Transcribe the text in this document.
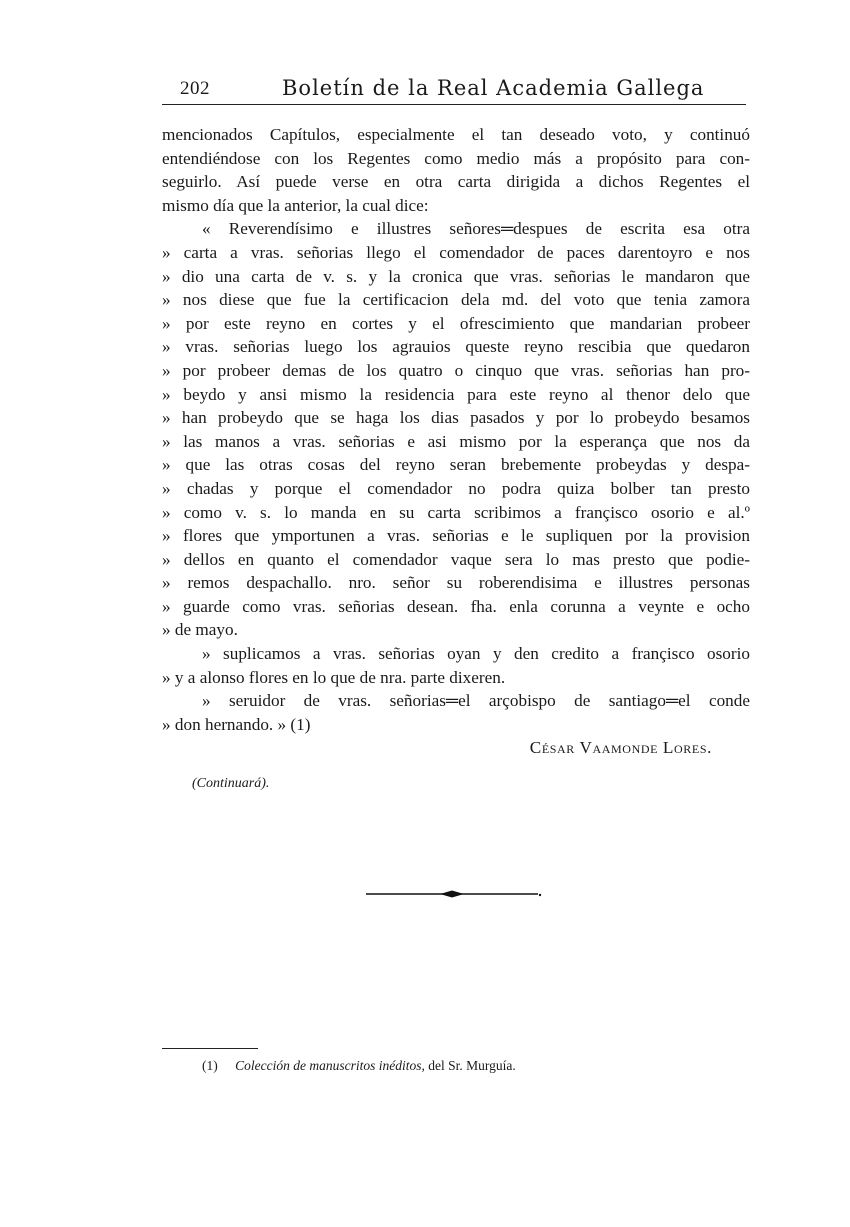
202	Boletín de la Real Academia Gallega
mencionados Capítulos, especialmente el tan deseado voto, y continuó
entendiéndose con los Regentes como medio más a propósito para con-
seguirlo. Así puede verse en otra carta dirigida a dichos Regentes el
mismo día que la anterior, la cual dice:
« Reverendísimo e illustres señores═despues de escrita esa otra
» carta a vras. señorias llego el comendador de paces darentoyro e nos
» dio una carta de v. s. y la cronica que vras. señorias le mandaron que
» nos diese que fue la certificacion dela md. del voto que tenia zamora
» por este reyno en cortes y el ofrescimiento que mandarian probeer
» vras. señorias luego los agrauios queste reyno rescibia que quedaron
» por probeer demas de los quatro o cinquo que vras. señorias han pro-
» beydo y ansi mismo la residencia para este reyno al thenor delo que
» han probeydo que se haga los dias pasados y por lo probeydo besamos
» las manos a vras. señorias e asi mismo por la esperança que nos da
» que las otras cosas del reyno seran brebemente probeydas y despa-
» chadas y porque el comendador no podra quiza bolber tan presto
» como v. s. lo manda en su carta scribimos a françisco osorio e al.º
» flores que ymportunen a vras. señorias e le supliquen por la provision
» dellos en quanto el comendador vaque sera lo mas presto que podie-
» remos despachallo. nro. señor su roberendisima e illustres personas
» guarde como vras. señorias desean. fha. enla corunna a veynte e ocho
» de mayo.
» suplicamos a vras. señorias oyan y den credito a françisco osorio
» y a alonso flores en lo que de nra. parte dixeren.
» seruidor de vras. señorias═el arçobispo de santiago═el conde
» don hernando. » (1)
César Vaamonde Lores.
(Continuará).
(1) Colección de manuscritos inéditos, del Sr. Murguía.
